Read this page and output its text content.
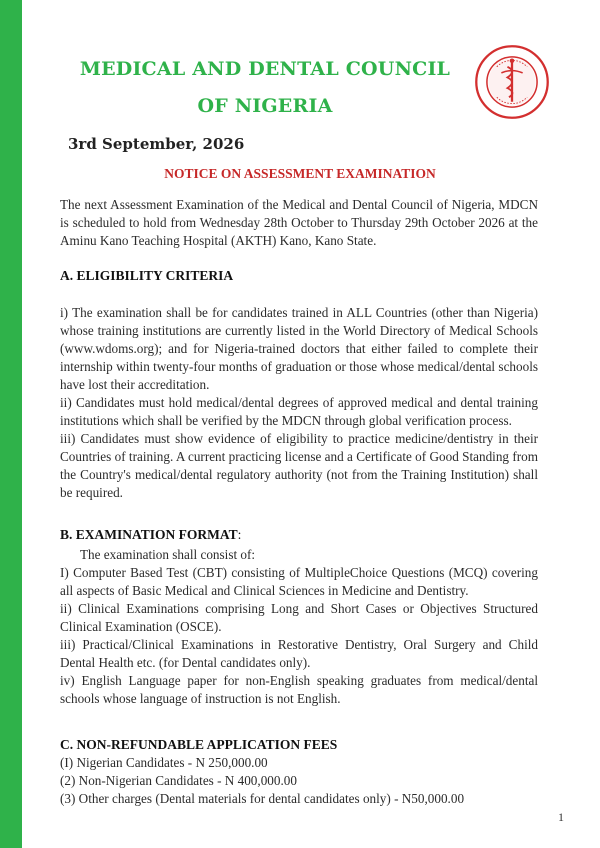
MEDICAL AND DENTAL COUNCIL
OF NIGERIA
3rd September, 2026
NOTICE ON ASSESSMENT EXAMINATION
The next Assessment Examination of the Medical and Dental Council of Nigeria, MDCN is scheduled to hold from Wednesday 28th October to Thursday 29th October 2026 at the Aminu Kano Teaching Hospital (AKTH) Kano, Kano State.
A. ELIGIBILITY CRITERIA

i) The examination shall be for candidates trained in ALL Countries (other than Nigeria) whose training institutions are currently listed in the World Directory of Medical Schools (www.wdoms.org); and for Nigeria-trained doctors that either failed to complete their internship within twenty-four months of graduation or those whose medical/dental schools have lost their accreditation.

ii) Candidates must hold medical/dental degrees of approved medical and dental training institutions which shall be verified by the MDCN through global verification process.

iii) Candidates must show evidence of eligibility to practice medicine/dentistry in their Countries of training. A current practicing license and a Certificate of Good Standing from the Country's medical/dental regulatory authority (not from the Training Institution) shall be required.

B. EXAMINATION FORMAT:

The examination shall consist of:

I) Computer Based Test (CBT) consisting of MultipleChoice Questions (MCQ) covering all aspects of Basic Medical and Clinical Sciences in Medicine and Dentistry.

ii) Clinical Examinations comprising Long and Short Cases or Objectives Structured Clinical Examination (OSCE).

iii) Practical/Clinical Examinations in Restorative Dentistry, Oral Surgery and Child Dental Health etc. (for Dental candidates only).

iv) English Language paper for non-English speaking graduates from medical/dental schools whose language of instruction is not English.

C. NON-REFUNDABLE APPLICATION FEES

(I) Nigerian Candidates - N 250,000.00

(2) Non-Nigerian Candidates - N 400,000.00

(3) Other charges (Dental materials for dental candidates only) - N50,000.00

1
